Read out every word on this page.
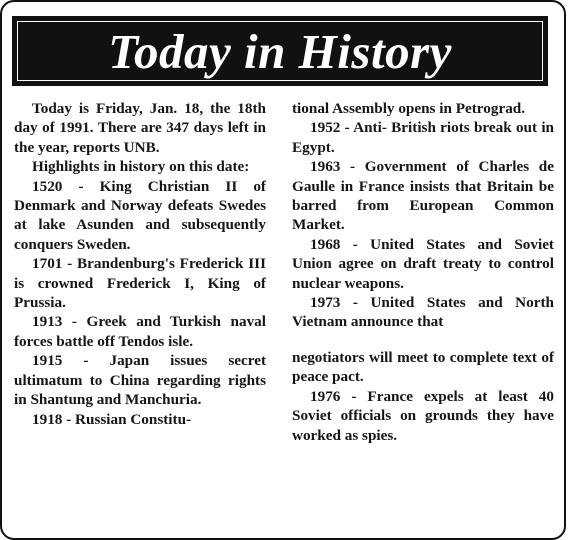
Today in History

Today is Friday, Jan. 18, the 18th day of 1991. There are 347 days left in the year, reports UNB.

Highlights in history on this date:

1520 - King Christian II of Denmark and Norway defeats Swedes at lake Asunden and subsequently conquers Sweden.

1701 - Brandenburg's Frederick III is crowned Frederick I, King of Prussia.

1913 - Greek and Turkish naval forces battle off Tendos isle.

1915 - Japan issues secret ultimatum to China regarding rights in Shantung and Manchuria.

1918 - Russian Constitu-

tional Assembly opens in Petrograd.

1952 - Anti- British riots break out in Egypt.

1963 - Government of Charles de Gaulle in France insists that Britain be barred from European Common Market.

1968 - United States and Soviet Union agree on draft treaty to control nuclear weapons.

1973 - United States and North Vietnam announce that

negotiators will meet to complete text of peace pact.

1976 - France expels at least 40 Soviet officials on grounds they have worked as spies.
